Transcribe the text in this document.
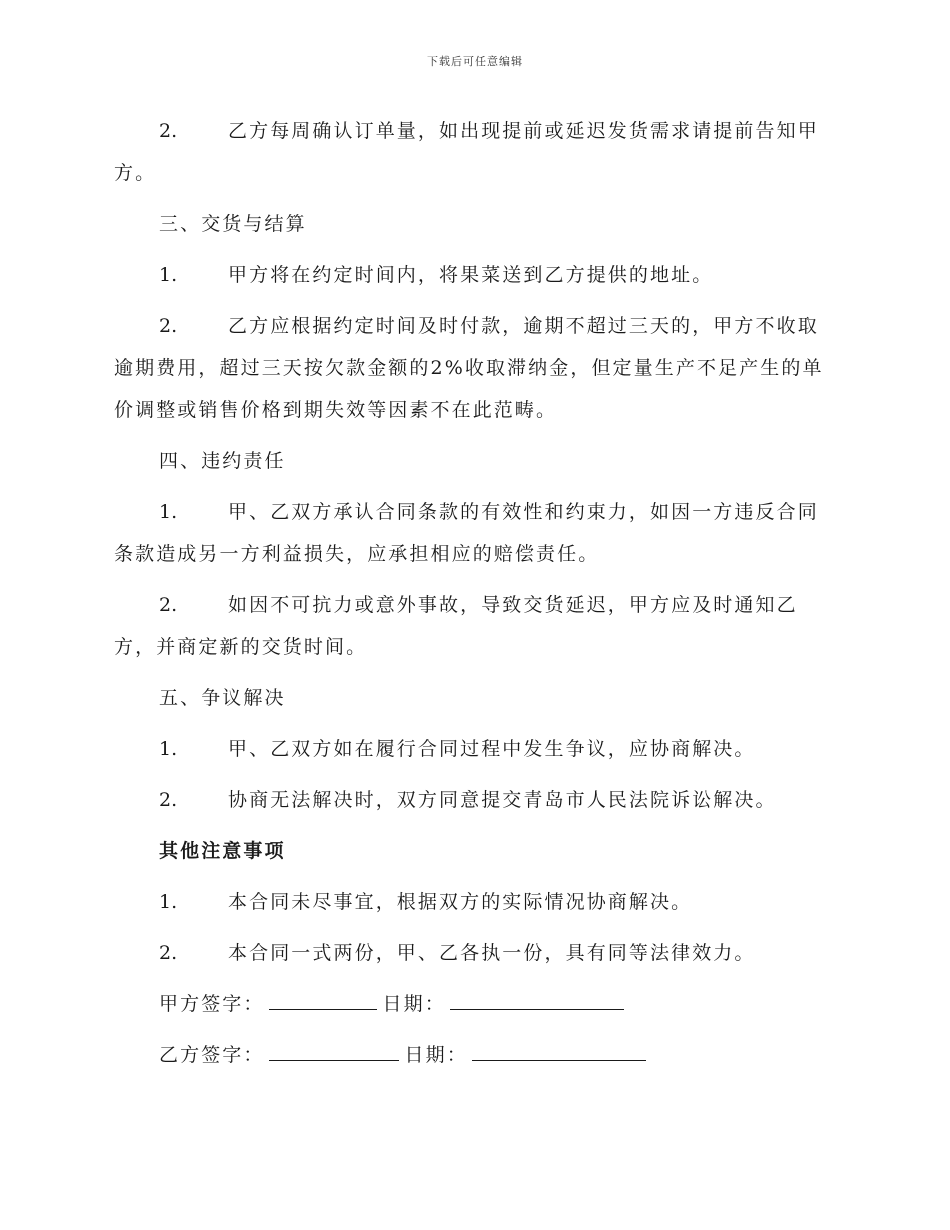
下载后可任意编辑

2.	乙方每周确认订单量，如出现提前或延迟发货需求请提前告知甲方。

三、交货与结算

1.	甲方将在约定时间内，将果菜送到乙方提供的地址。

2.	乙方应根据约定时间及时付款，逾期不超过三天的，甲方不收取逾期费用，超过三天按欠款金额的2%收取滞纳金，但定量生产不足产生的单价调整或销售价格到期失效等因素不在此范畴。

四、违约责任

1.	甲、乙双方承认合同条款的有效性和约束力，如因一方违反合同条款造成另一方利益损失，应承担相应的赔偿责任。

2.	如因不可抗力或意外事故，导致交货延迟，甲方应及时通知乙方，并商定新的交货时间。

五、争议解决

1.	甲、乙双方如在履行合同过程中发生争议，应协商解决。

2.	协商无法解决时，双方同意提交青岛市人民法院诉讼解决。

其他注意事项

1.	本合同未尽事宜，根据双方的实际情况协商解决。

2.	本合同一式两份，甲、乙各执一份，具有同等法律效力。

甲方签字：	日期：

乙方签字：	日期：
